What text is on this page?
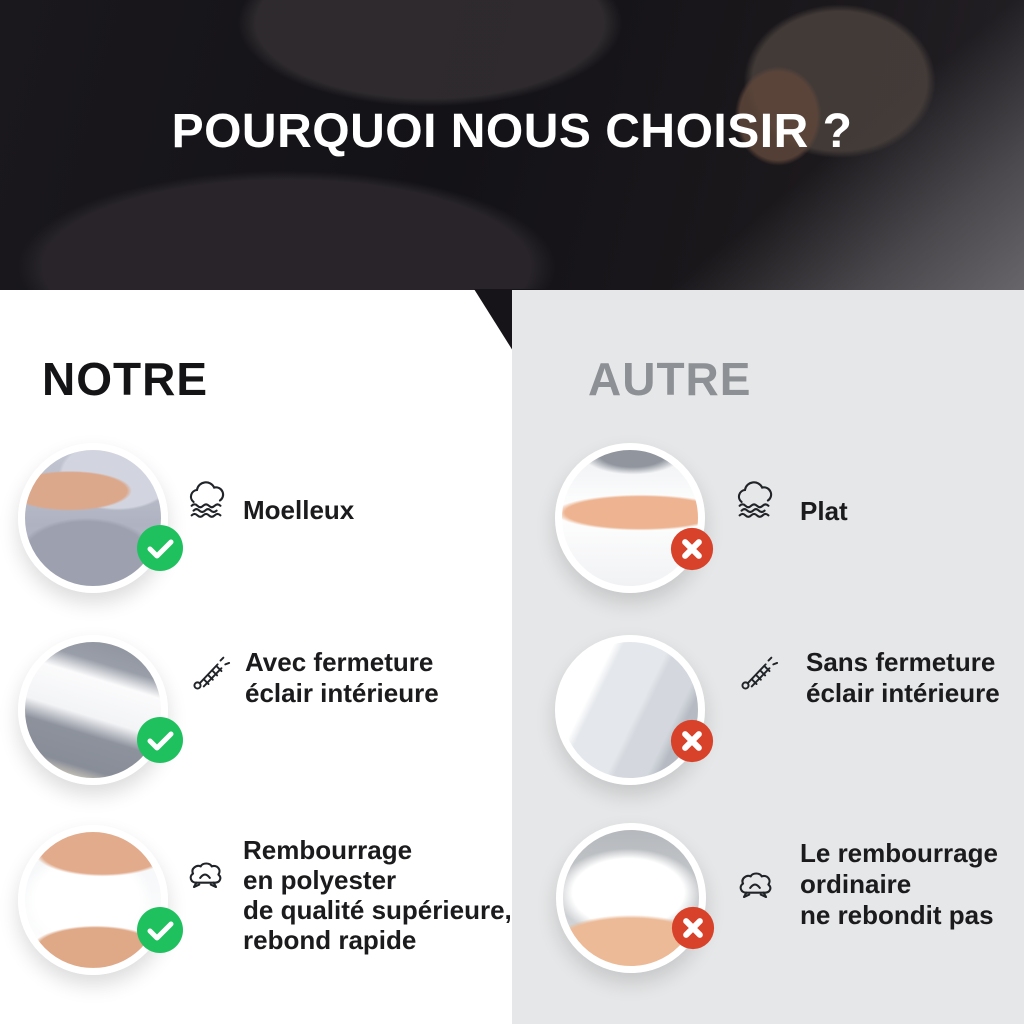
POURQUOI NOUS CHOISIR ?
NOTRE	AUTRE
Moelleux
Avec fermeture
éclair intérieure
Rembourrage
en polyester
de qualité supérieure,
rebond rapide
Plat
Sans fermeture
éclair intérieure
Le rembourrage
ordinaire
ne rebondit pas
